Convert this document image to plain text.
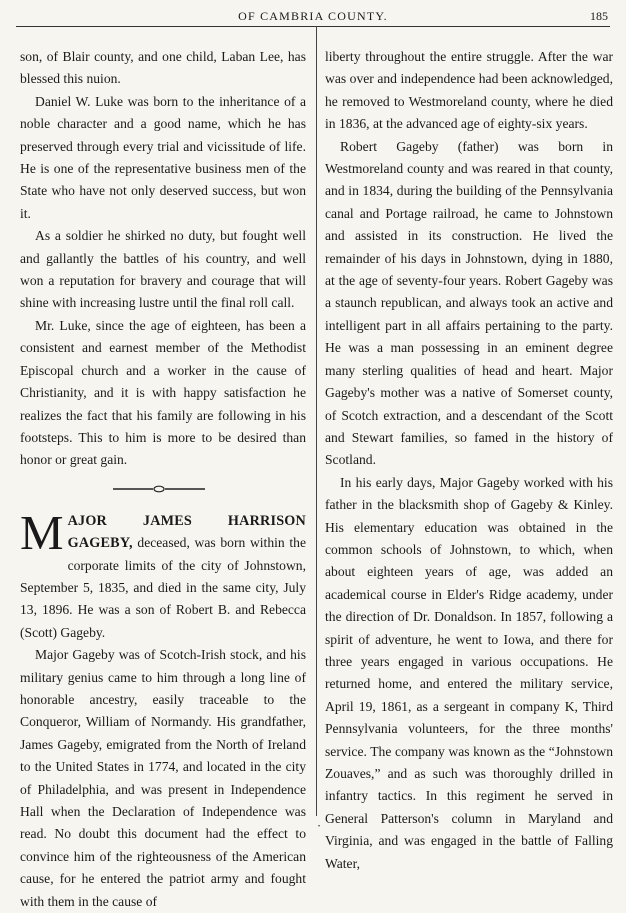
OF CAMBRIA COUNTY.	185

son, of Blair county, and one child, Laban Lee, has blessed this nuion.

Daniel W. Luke was born to the inheritance of a noble character and a good name, which he has preserved through every trial and vicissitude of life. He is one of the representative business men of the State who have not only deserved success, but won it.

As a soldier he shirked no duty, but fought well and gallantly the battles of his country, and well won a reputation for bravery and courage that will shine with increasing lustre until the final roll call.

Mr. Luke, since the age of eighteen, has been a consistent and earnest member of the Methodist Episcopal church and a worker in the cause of Christianity, and it is with happy satisfaction he realizes the fact that his family are following in his footsteps. This to him is more to be desired than honor or great gain.

MAJOR JAMES HARRISON GAGEBY, deceased, was born within the corporate limits of the city of Johnstown, September 5, 1835, and died in the same city, July 13, 1896. He was a son of Robert B. and Rebecca (Scott) Gageby.

Major Gageby was of Scotch-Irish stock, and his military genius came to him through a long line of honorable ancestry, easily traceable to the Conqueror, William of Normandy. His grandfather, James Gageby, emigrated from the North of Ireland to the United States in 1774, and located in the city of Philadelphia, and was present in Independence Hall when the Declaration of Independence was read. No doubt this document had the effect to convince him of the righteousness of the American cause, for he entered the patriot army and fought with them in the cause of

liberty throughout the entire struggle. After the war was over and independence had been acknowledged, he removed to Westmoreland county, where he died in 1836, at the advanced age of eighty-six years.

Robert Gageby (father) was born in Westmoreland county and was reared in that county, and in 1834, during the building of the Pennsylvania canal and Portage railroad, he came to Johnstown and assisted in its construction. He lived the remainder of his days in Johnstown, dying in 1880, at the age of seventy-four years. Robert Gageby was a staunch republican, and always took an active and intelligent part in all affairs pertaining to the party. He was a man possessing in an eminent degree many sterling qualities of head and heart. Major Gageby's mother was a native of Somerset county, of Scotch extraction, and a descendant of the Scott and Stewart families, so famed in the history of Scotland.

In his early days, Major Gageby worked with his father in the blacksmith shop of Gageby & Kinley. His elementary education was obtained in the common schools of Johnstown, to which, when about eighteen years of age, was added an academical course in Elder's Ridge academy, under the direction of Dr. Donaldson. In 1857, following a spirit of adventure, he went to Iowa, and there for three years engaged in various occupations. He returned home, and entered the military service, April 19, 1861, as a sergeant in company K, Third Pennsylvania volunteers, for the three months' service. The company was known as the “Johnstown Zouaves,” and as such was thoroughly drilled in infantry tactics. In this regiment he served in General Patterson's column in Maryland and Virginia, and was engaged in the battle of Falling Water,

•
